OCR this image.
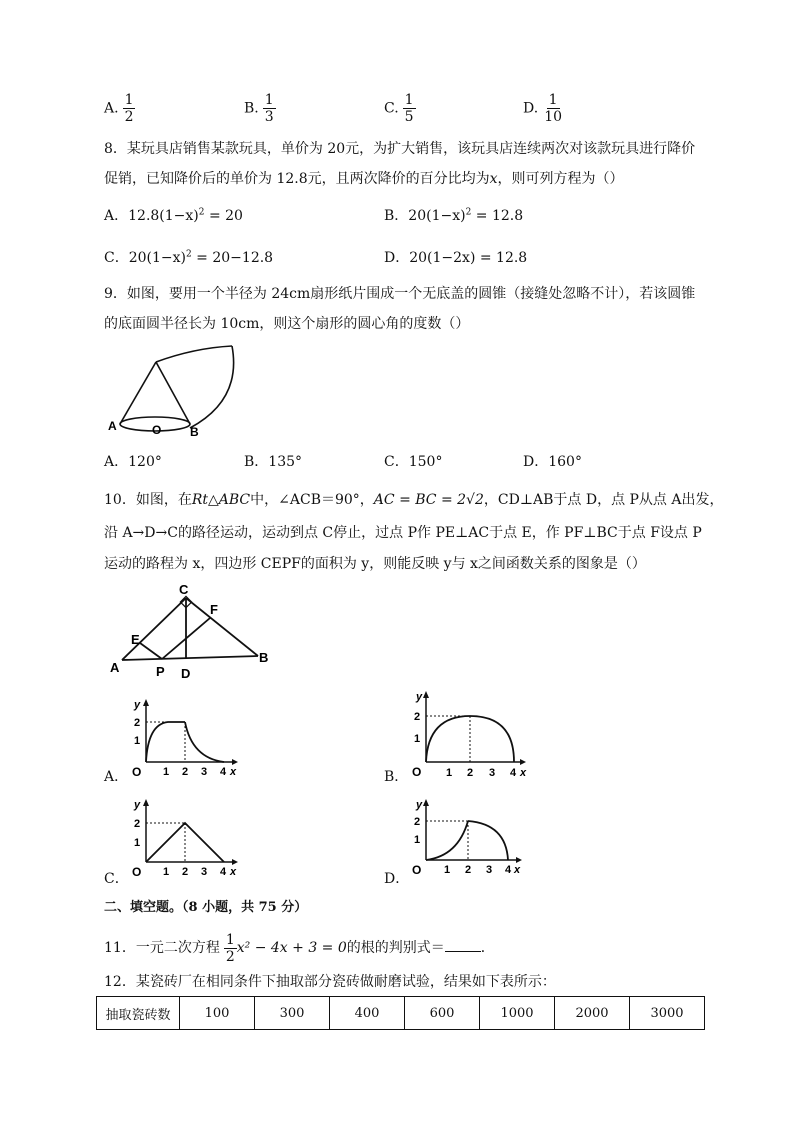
A. $\frac{1}{2}$	B. $\frac{1}{3}$	C. $\frac{1}{5}$	D. $\frac{1}{10}$
8．某玩具店销售某款玩具，单价为 20元，为扩大销售，该玩具店连续两次对该款玩具进行降价
促销，已知降价后的单价为 12.8元，且两次降价的百分比均为x，则可列方程为（）
A．$12.8(1-x)^2 = 20$	B．$20(1-x)^2 = 12.8$
C．$20(1-x)^2 = 20-12.8$	D．20(1−2x) = 12.8
9．如图，要用一个半径为 24cm扇形纸片围成一个无底盖的圆锥（接缝处忽略不计），若该圆锥
的底面圆半径长为 10cm，则这个扇形的圆心角的度数（）
A	O B
A．120°	B．135°	C．150°	D．160°
10．如图，在Rt△ABC中，∠ACB＝90°，AC = BC = 2√2，CD⊥AB于点 D，点 P从点 A出发，
沿 A→D→C的路径运动，运动到点 C停止，过点 P作 PE⊥AC于点 E，作 PF⊥BC于点 F设点 P
运动的路程为 x，四边形 CEPF的面积为 y，则能反映 y与 x之间函数关系的图象是（）
C
F
E
A	P D
B
y
2
1
O 1 2 3 4 x
A．
y
2
1
O 1 2 3 4 x
B．
y
2
1
O 1 2 3 4 x
C．
y
2
1
O 1 2 3 4 x
D．
二、填空题。（8 小题，共 75 分）
11．一元二次方程 $\frac{1}{2} x^2 - 4x + 3 = 0$的根的判别式＝	．
12．某瓷砖厂在相同条件下抽取部分瓷砖做耐磨试验，结果如下表所示：
抽取瓷砖数	100	300	400	600	1000	2000	3000
